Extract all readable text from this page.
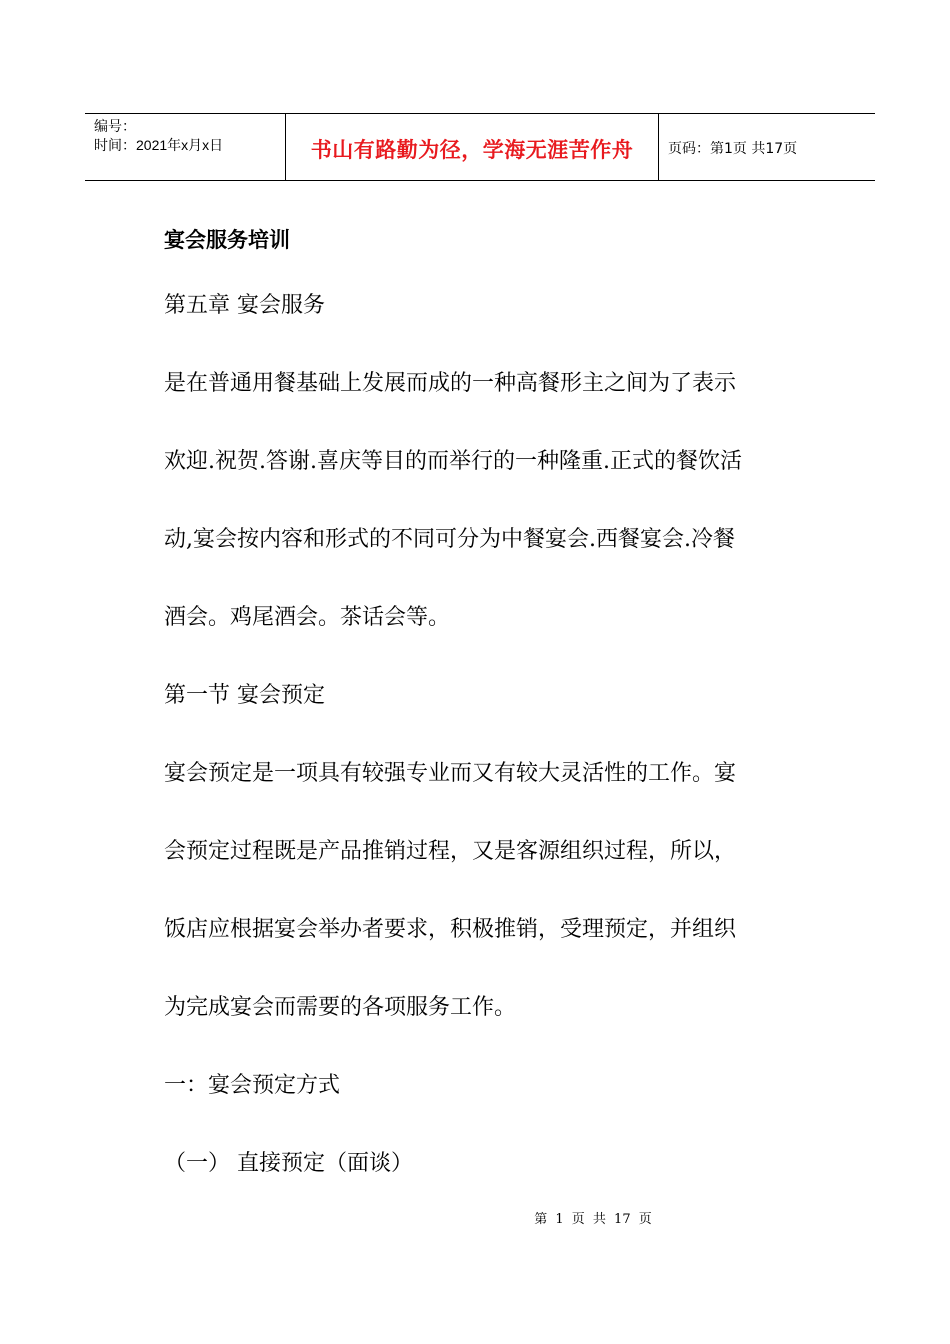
编号：
时间：2021年x月x日	书山有路勤为径，学海无涯苦作舟 页码：第1页 共17页
宴会服务培训

第五章 宴会服务

是在普通用餐基础上发展而成的一种高餐形主之间为了表示

欢迎.祝贺.答谢.喜庆等目的而举行的一种隆重.正式的餐饮活

动,宴会按内容和形式的不同可分为中餐宴会.西餐宴会.冷餐

酒会。鸡尾酒会。茶话会等。

第一节 宴会预定

宴会预定是一项具有较强专业而又有较大灵活性的工作。宴

会预定过程既是产品推销过程，又是客源组织过程，所以，

饭店应根据宴会举办者要求，积极推销，受理预定，并组织

为完成宴会而需要的各项服务工作。

一：宴会预定方式

（一） 直接预定（面谈）

第 1 页 共 17 页
